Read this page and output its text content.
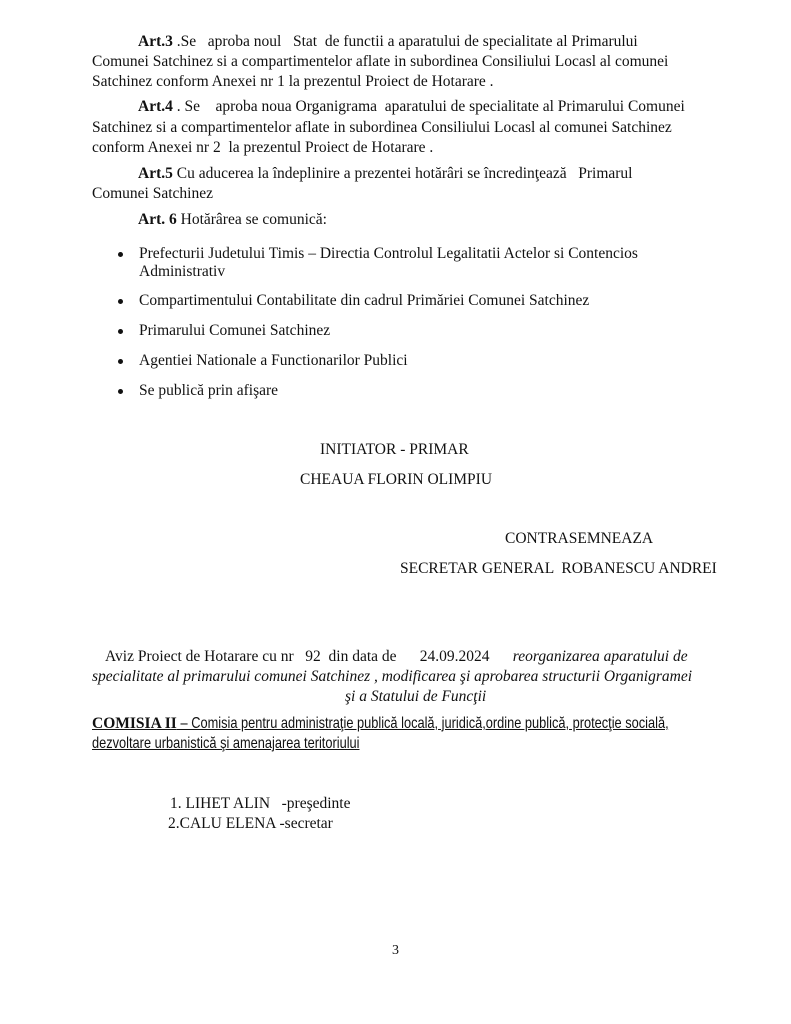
Art.3 .Se   aproba noul   Stat  de functii a aparatului de specialitate al Primarului
Comunei Satchinez si a compartimentelor aflate in subordinea Consiliului Locasl al comunei
Satchinez conform Anexei nr 1 la prezentul Proiect de Hotarare .
Art.4 . Se    aproba noua Organigrama  aparatului de specialitate al Primarului Comunei
Satchinez si a compartimentelor aflate in subordinea Consiliului Locasl al comunei Satchinez
conform Anexei nr 2  la prezentul Proiect de Hotarare .
Art.5 Cu aducerea la îndeplinire a prezentei hotărâri se încredinţează   Primarul
Comunei Satchinez
Art. 6 Hotărârea se comunică:
Prefecturii Judetului Timis – Directia Controlul Legalitatii Actelor si Contencios
Administrativ
Compartimentului Contabilitate din cadrul Primăriei Comunei Satchinez
Primarului Comunei Satchinez
Agentiei Nationale a Functionarilor Publici
Se publică prin afişare
INITIATOR - PRIMAR
CHEAUA FLORIN OLIMPIU
CONTRASEMNEAZA
SECRETAR GENERAL  ROBANESCU ANDREI
Aviz Proiect de Hotarare cu nr 92 din data de 24.09.2024 reorganizarea aparatului de
specialitate al primarului comunei Satchinez , modificarea şi aprobarea structurii Organigramei
şi a Statului de Funcţii
COMISIA II – Comisia pentru administraţie publică locală, juridică,ordine publică, protecţie socială,
dezvoltare urbanistică şi amenajarea teritoriului
1. LIHET ALIN   -preşedinte
2.CALU ELENA -secretar
3
